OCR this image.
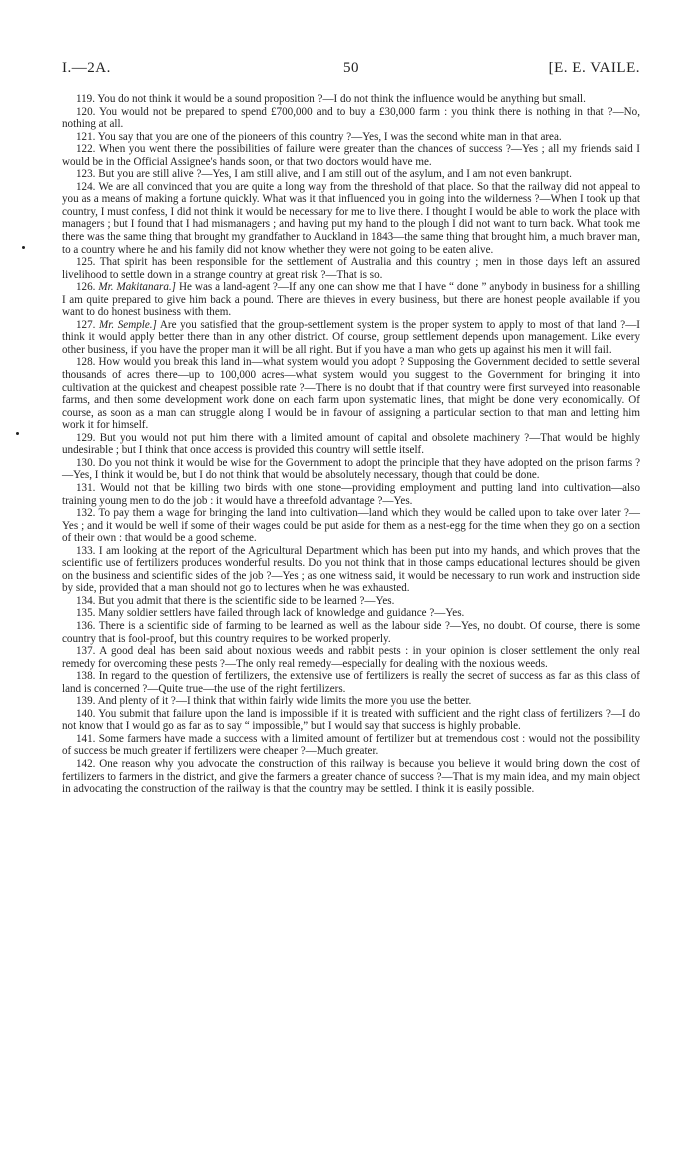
I.—2A.	50	[E. E. VAILE.

119. You do not think it would be a sound proposition ?—I do not think the influence would be anything but small.

120. You would not be prepared to spend £700,000 and to buy a £30,000 farm : you think there is nothing in that ?—No, nothing at all.

121. You say that you are one of the pioneers of this country ?—Yes, I was the second white man in that area.

122. When you went there the possibilities of failure were greater than the chances of success ?—Yes ; all my friends said I would be in the Official Assignee's hands soon, or that two doctors would have me.

123. But you are still alive ?—Yes, I am still alive, and I am still out of the asylum, and I am not even bankrupt.

124. We are all convinced that you are quite a long way from the threshold of that place. So that the railway did not appeal to you as a means of making a fortune quickly. What was it that influenced you in going into the wilderness ?—When I took up that country, I must confess, I did not think it would be necessary for me to live there. I thought I would be able to work the place with managers ; but I found that I had mismanagers ; and having put my hand to the plough I did not want to turn back. What took me there was the same thing that brought my grandfather to Auckland in 1843—the same thing that brought him, a much braver man, to a country where he and his family did not know whether they were not going to be eaten alive.

125. That spirit has been responsible for the settlement of Australia and this country ; men in those days left an assured livelihood to settle down in a strange country at great risk ?—That is so.

126. Mr. Makitanara.] He was a land-agent ?—If any one can show me that I have “ done ” anybody in business for a shilling I am quite prepared to give him back a pound. There are thieves in every business, but there are honest people available if you want to do honest business with them.

127. Mr. Semple.] Are you satisfied that the group-settlement system is the proper system to apply to most of that land ?—I think it would apply better there than in any other district. Of course, group settlement depends upon management. Like every other business, if you have the proper man it will be all right. But if you have a man who gets up against his men it will fail.

128. How would you break this land in—what system would you adopt ? Supposing the Government decided to settle several thousands of acres there—up to 100,000 acres—what system would you suggest to the Government for bringing it into cultivation at the quickest and cheapest possible rate ?—There is no doubt that if that country were first surveyed into reasonable farms, and then some development work done on each farm upon systematic lines, that might be done very economically. Of course, as soon as a man can struggle along I would be in favour of assigning a particular section to that man and letting him work it for himself.

129. But you would not put him there with a limited amount of capital and obsolete machinery ?—That would be highly undesirable ; but I think that once access is provided this country will settle itself.

130. Do you not think it would be wise for the Government to adopt the principle that they have adopted on the prison farms ?—Yes, I think it would be, but I do not think that would be absolutely necessary, though that could be done.

131. Would not that be killing two birds with one stone—providing employment and putting land into cultivation—also training young men to do the job : it would have a threefold advantage ?—Yes.

132. To pay them a wage for bringing the land into cultivation—land which they would be called upon to take over later ?—Yes ; and it would be well if some of their wages could be put aside for them as a nest-egg for the time when they go on a section of their own : that would be a good scheme.

133. I am looking at the report of the Agricultural Department which has been put into my hands, and which proves that the scientific use of fertilizers produces wonderful results. Do you not think that in those camps educational lectures should be given on the business and scientific sides of the job ?—Yes ; as one witness said, it would be necessary to run work and instruction side by side, provided that a man should not go to lectures when he was exhausted.

134. But you admit that there is the scientific side to be learned ?—Yes.

135. Many soldier settlers have failed through lack of knowledge and guidance ?—Yes.

136. There is a scientific side of farming to be learned as well as the labour side ?—Yes, no doubt. Of course, there is some country that is fool-proof, but this country requires to be worked properly.

137. A good deal has been said about noxious weeds and rabbit pests : in your opinion is closer settlement the only real remedy for overcoming these pests ?—The only real remedy—especially for dealing with the noxious weeds.

138. In regard to the question of fertilizers, the extensive use of fertilizers is really the secret of success as far as this class of land is concerned ?—Quite true—the use of the right fertilizers.

139. And plenty of it ?—I think that within fairly wide limits the more you use the better.

140. You submit that failure upon the land is impossible if it is treated with sufficient and the right class of fertilizers ?—I do not know that I would go as far as to say “ impossible,” but I would say that success is highly probable.

141. Some farmers have made a success with a limited amount of fertilizer but at tremendous cost : would not the possibility of success be much greater if fertilizers were cheaper ?—Much greater.

142. One reason why you advocate the construction of this railway is because you believe it would bring down the cost of fertilizers to farmers in the district, and give the farmers a greater chance of success ?—That is my main idea, and my main object in advocating the construction of the railway is that the country may be settled. I think it is easily possible.
